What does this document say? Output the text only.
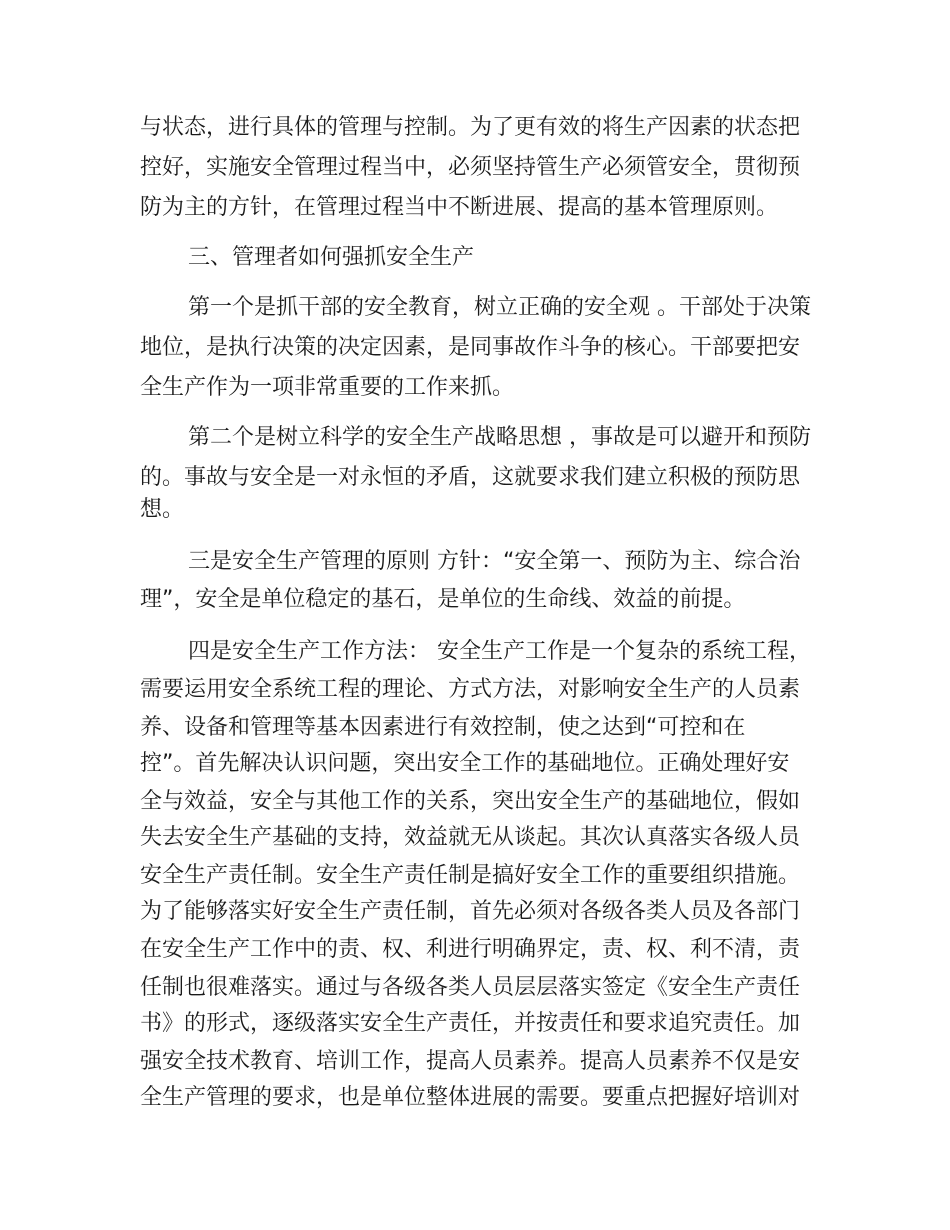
与状态，进行具体的管理与控制。为了更有效的将生产因素的状态把
控好，实施安全管理过程当中，必须坚持管生产必须管安全，贯彻预
防为主的方针，在管理过程当中不断进展、提高的基本管理原则。
三、管理者如何强抓安全生产
第一个是抓干部的安全教育，树立正确的安全观 。干部处于决策
地位，是执行决策的决定因素，是同事故作斗争的核心。干部要把安
全生产作为一项非常重要的工作来抓。
第二个是树立科学的安全生产战略思想 ，事故是可以避开和预防
的。事故与安全是一对永恒的矛盾，这就要求我们建立积极的预防思
想。
三是安全生产管理的原则 方针：“安全第一、预防为主、综合治
理”，安全是单位稳定的基石，是单位的生命线、效益的前提。
四是安全生产工作方法： 安全生产工作是一个复杂的系统工程，
需要运用安全系统工程的理论、方式方法，对影响安全生产的人员素
养、设备和管理等基本因素进行有效控制，使之达到“可控和在
控”。首先解决认识问题，突出安全工作的基础地位。正确处理好安
全与效益，安全与其他工作的关系，突出安全生产的基础地位，假如
失去安全生产基础的支持，效益就无从谈起。其次认真落实各级人员
安全生产责任制。安全生产责任制是搞好安全工作的重要组织措施。
为了能够落实好安全生产责任制，首先必须对各级各类人员及各部门
在安全生产工作中的责、权、利进行明确界定，责、权、利不清，责
任制也很难落实。通过与各级各类人员层层落实签定《安全生产责任
书》的形式，逐级落实安全生产责任，并按责任和要求追究责任。加
强安全技术教育、培训工作，提高人员素养。提高人员素养不仅是安
全生产管理的要求，也是单位整体进展的需要。要重点把握好培训对
